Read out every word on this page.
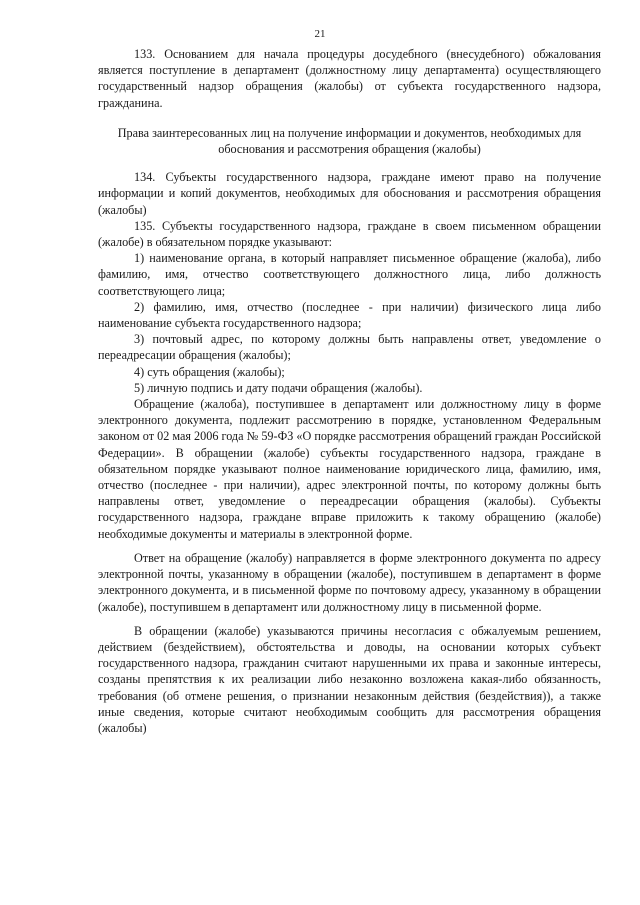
21

133. Основанием для начала процедуры досудебного (внесудебного) обжалования является поступление в департамент (должностному лицу департамента) осуществляющего государственный надзор обращения (жалобы) от субъекта государственного надзора, гражданина.

Права заинтересованных лиц на получение информации и документов, необходимых для обоснования и рассмотрения обращения (жалобы)

134. Субъекты государственного надзора, граждане имеют право на получение информации и копий документов, необходимых для обоснования и рассмотрения обращения (жалобы)

135. Субъекты государственного надзора, граждане в своем письменном обращении (жалобе) в обязательном порядке указывают:

1) наименование органа, в который направляет письменное обращение (жалоба), либо фамилию, имя, отчество соответствующего должностного лица, либо должность соответствующего лица;

2) фамилию, имя, отчество (последнее - при наличии) физического лица либо наименование субъекта государственного надзора;

3) почтовый адрес, по которому должны быть направлены ответ, уведомление о переадресации обращения (жалобы);

4) суть обращения (жалобы);

5) личную подпись и дату подачи обращения (жалобы).

Обращение (жалоба), поступившее в департамент или должностному лицу в форме электронного документа, подлежит рассмотрению в порядке, установленном Федеральным законом от 02 мая 2006 года № 59-ФЗ «О порядке рассмотрения обращений граждан Российской Федерации». В обращении (жалобе) субъекты государственного надзора, граждане в обязательном порядке указывают полное наименование юридического лица, фамилию, имя, отчество (последнее - при наличии), адрес электронной почты, по которому должны быть направлены ответ, уведомление о переадресации обращения (жалобы). Субъекты государственного надзора, граждане вправе приложить к такому обращению (жалобе) необходимые документы и материалы в электронной форме.

Ответ на обращение (жалобу) направляется в форме электронного документа по адресу электронной почты, указанному в обращении (жалобе), поступившем в департамент в форме электронного документа, и в письменной форме по почтовому адресу, указанному в обращении (жалобе), поступившем в департамент или должностному лицу в письменной форме.

В обращении (жалобе) указываются причины несогласия с обжалуемым решением, действием (бездействием), обстоятельства и доводы, на основании которых субъект государственного надзора, гражданин считают нарушенными их права и законные интересы, созданы препятствия к их реализации либо незаконно возложена какая-либо обязанность, требования (об отмене решения, о признании незаконным действия (бездействия)), а также иные сведения, которые считают необходимым сообщить для рассмотрения обращения (жалобы)
